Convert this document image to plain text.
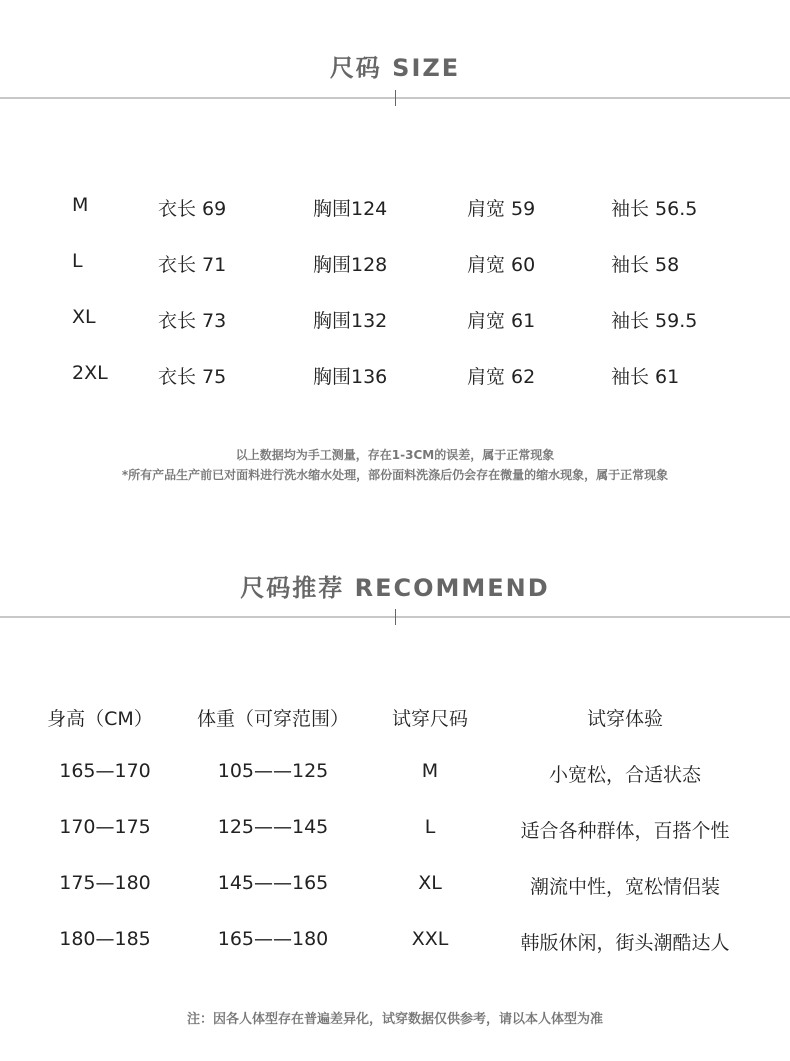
尺码 SIZE
M	衣长 69	胸围124	肩宽 59	袖长 56.5
L	衣长 71	胸围128	肩宽 60	袖长 58
XL	衣长 73	胸围132	肩宽 61	袖长 59.5
2XL	衣长 75	胸围136	肩宽 62	袖长 61
以上数据均为手工测量，存在1-3CM的误差，属于正常现象
*所有产品生产前已对面料进行洗水缩水处理，部份面料洗涤后仍会存在微量的缩水现象，属于正常现象
尺码推荐 RECOMMEND
身高（CM）	体重（可穿范围）	试穿尺码	试穿体验
165—170	105——125	M	小宽松，合适状态
170—175	125——145	L	适合各种群体，百搭个性
175—180	145——165	XL	潮流中性，宽松情侣装
180—185	165——180	XXL	韩版休闲，街头潮酷达人
注：因各人体型存在普遍差异化，试穿数据仅供参考，请以本人体型为准
